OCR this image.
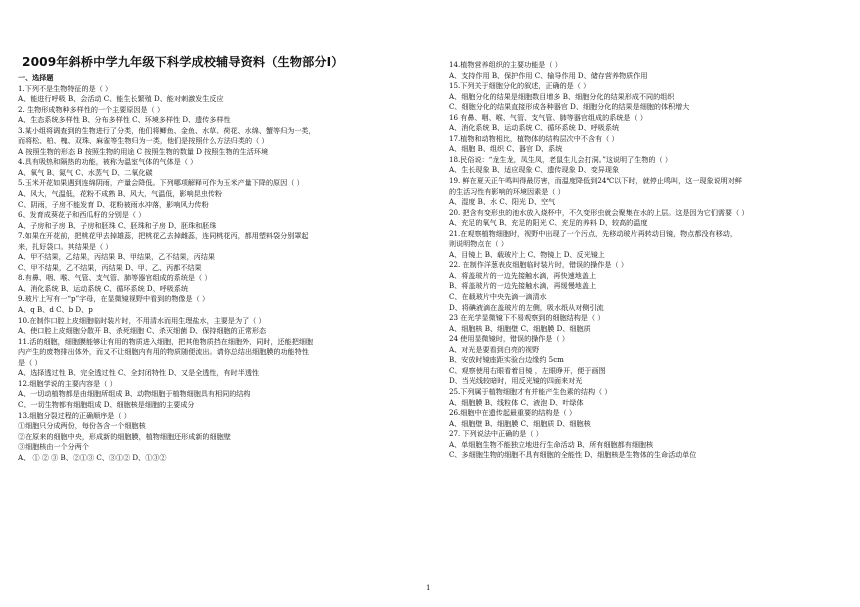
2009年斜桥中学九年级下科学成校辅导资料（生物部分Ⅰ）
一、选择题
1.下列不是生物特征的是（ ）
A、能进行呼吸 B、会活动 C、能生长繁殖 D、能对刺激发生反应
2. 生物形成物种多样性的一个主要原因是（ ）
A、生态系统多样性 B、分布多样性 C、环境多样性 D、遗传多样性
3.某小组将调查到的生物进行了分类，他们将鲫鱼、金鱼、水草、荷花、水绵、蟹等归为一类，
而将松、柏、槐、双珠、麻雀等生物归为一类，他们是按照什么方法归类的（ ）
A 按照生物的形态 B 按照生物的用途 C 按照生物的数量 D 按照生物的生活环境
4.具有吸热和隔热的功能，被称为温室气体的气体是（ ）
A、氧气 B、氮气 C、水蒸气 D、二氧化碳
5.玉米开花如果遇到连绵阴雨，产量会降低。下列哪项解释可作为玉米产量下降的原因（ ）
A、风大，气温低，花粉不成熟 B、风大，气温低，影响昆虫传粉
C、阴雨，子房不能发育 D、花粉被雨水冲落，影响风力传粉
6、发育成葵花子和西瓜籽的分别是（ ）
A、子房和子房 B、子房和胚珠 C、胚珠和子房 D、胚珠和胚珠
7.如果在开花前，把桃花甲去掉雄蕊，把桃花乙去掉雌蕊，连同桃花丙，都用塑料袋分别罩起
来，扎好袋口。其结果是（ ）
A、甲不结果，乙结果，丙结果 B、甲结果，乙不结果，丙结果
C、甲不结果，乙不结果，丙结果 D、甲、乙、丙都不结果
8.有鼻、咽、喉、气管、支气管、肺等器官组成的系统是（ ）
A、消化系统 B、运动系统 C、循环系统 D、呼吸系统
9.玻片上写有一“p”字母，在显微镜视野中看到的物像是（ ）
A、q B、d C、b D、p
10.在制作口腔上皮细胞临时装片时，不用清水而用生理盐水，主要是为了（ ）
A、使口腔上皮细胞分散开 B、杀死细胞 C、杀灭细菌 D、保持细胞的正常形态
11.活的细胞，细胞膜能够让有用的物质进入细胞，把其他物质挡在细胞外，同时，还能把细胞
内产生的废物排出体外，而又不让细胞内有用的物质随便流出。请你总结出细胞膜的功能特性
是（ ）
A、选择透过性 B、完全透过性 C、全封闭特性 D、又是全透性，有时半透性
12.细胞学说的主要内容是（ ）
A、一切动植物都是由细胞所组成 B、动物细胞于植物细胞具有相同的结构
C、一切生物都有细胞组成 D、细胞核是细胞的主要成分
13.细胞分裂过程的正确顺序是（ ）
①细胞只分成两份，每份各含一个细胞核
②在原来的细胞中央，形成新的细胞膜，植物细胞还形成新的细胞壁
③细胞核由一个分两个
A、 ① ② ③ B、②①③ C、③①② D、①③②
14.植物营养组织的主要功能是（ ）
A、支持作用 B、保护作用 C、输导作用 D、储存营养物质作用
15.下列关于细胞分化的叙述，正确的是（ ）
A、细胞分化的结果是细胞数目增多 B、细胞分化的结果形成不同的组织
C、细胞分化的结果直接形成各种器官 D、细胞分化的结果是细胞的体积增大
16 有鼻、咽、喉、气管、支气管、肺等器官组成的系统是（ ）
A、消化系统 B、运动系统 C、循环系统 D、呼吸系统
17.植物和动物相比，植物体的结构层次中不含有（ ）
A、细胞 B、组织 C、器官 D、系统
18.民俗说：“龙生龙，凤生凤，老鼠生儿会打洞。”这说明了生物的（ ）
A、生长现象 B、适应现象 C、遗传现象 D、变异现象
19. 鲜在夏天正午鸣叫得最厉害，而温度降低到24℃以下时，就停止鸣叫，这一现象说明对鲜
的生活习性有影响的环境因素是（ ）
A、湿度 B、水 C、阳光 D、空气
20. 把含有变形虫的池水放入烧杯中，不久变形虫就会聚集在水的上层。这是因为它们需要（ ）
A、充足的氧气 B、充足的阳光 C、充足的养料 D、较高的温度
21.在观察植物细胞时，视野中出现了一个污点，先移动玻片再转动目镜，物点都没有移动，
则说明物点在（ ）
A、目镜上 B、载玻片上 C、物镜上 D、反光镜上
22. 在制作洋葱表皮细胞临时装片时，错误的操作是（ ）
A、将盖玻片的一边先接触水滴，再快速地盖上
B、将盖玻片的一边先接触水滴，再缓慢地盖上
C、在载玻片中央先滴一滴清水
D、将碘液滴在盖玻片的左侧，吸水纸从对侧引流
23 在光学显微镜下不易观察到的细胞结构是（ ）
A、细胞核 B、细胞壁 C、细胞膜 D、细胞质
24 使用显微镜时，错误的操作是（ ）
A、对光是要看到白亮的视野
B、安放时镜座距实验台边缘约 5cm
C、观察使用右眼看着目镜 ，左眼睁开，便于画图
D、当光线较暗时，用反光镜的四面来对光
25.下列属于植物细胞才有并能产生色素的结构（ ）
A、细胞膜 B、线粒体 C、液泡 D、叶绿体
26.细胞中在遗传起最重要的结构是（ ）
A、细胞壁 B、细胞膜 C、细胞质 D、细胞核
27. 下列说法中正确的是（ ）
A、单细胞生物不能独立地进行生命活动 B、所有细胞都有细胞核
C、多细胞生物的细胞不具有细胞的全能性 D、细胞核是生物体的生命活动单位
1
